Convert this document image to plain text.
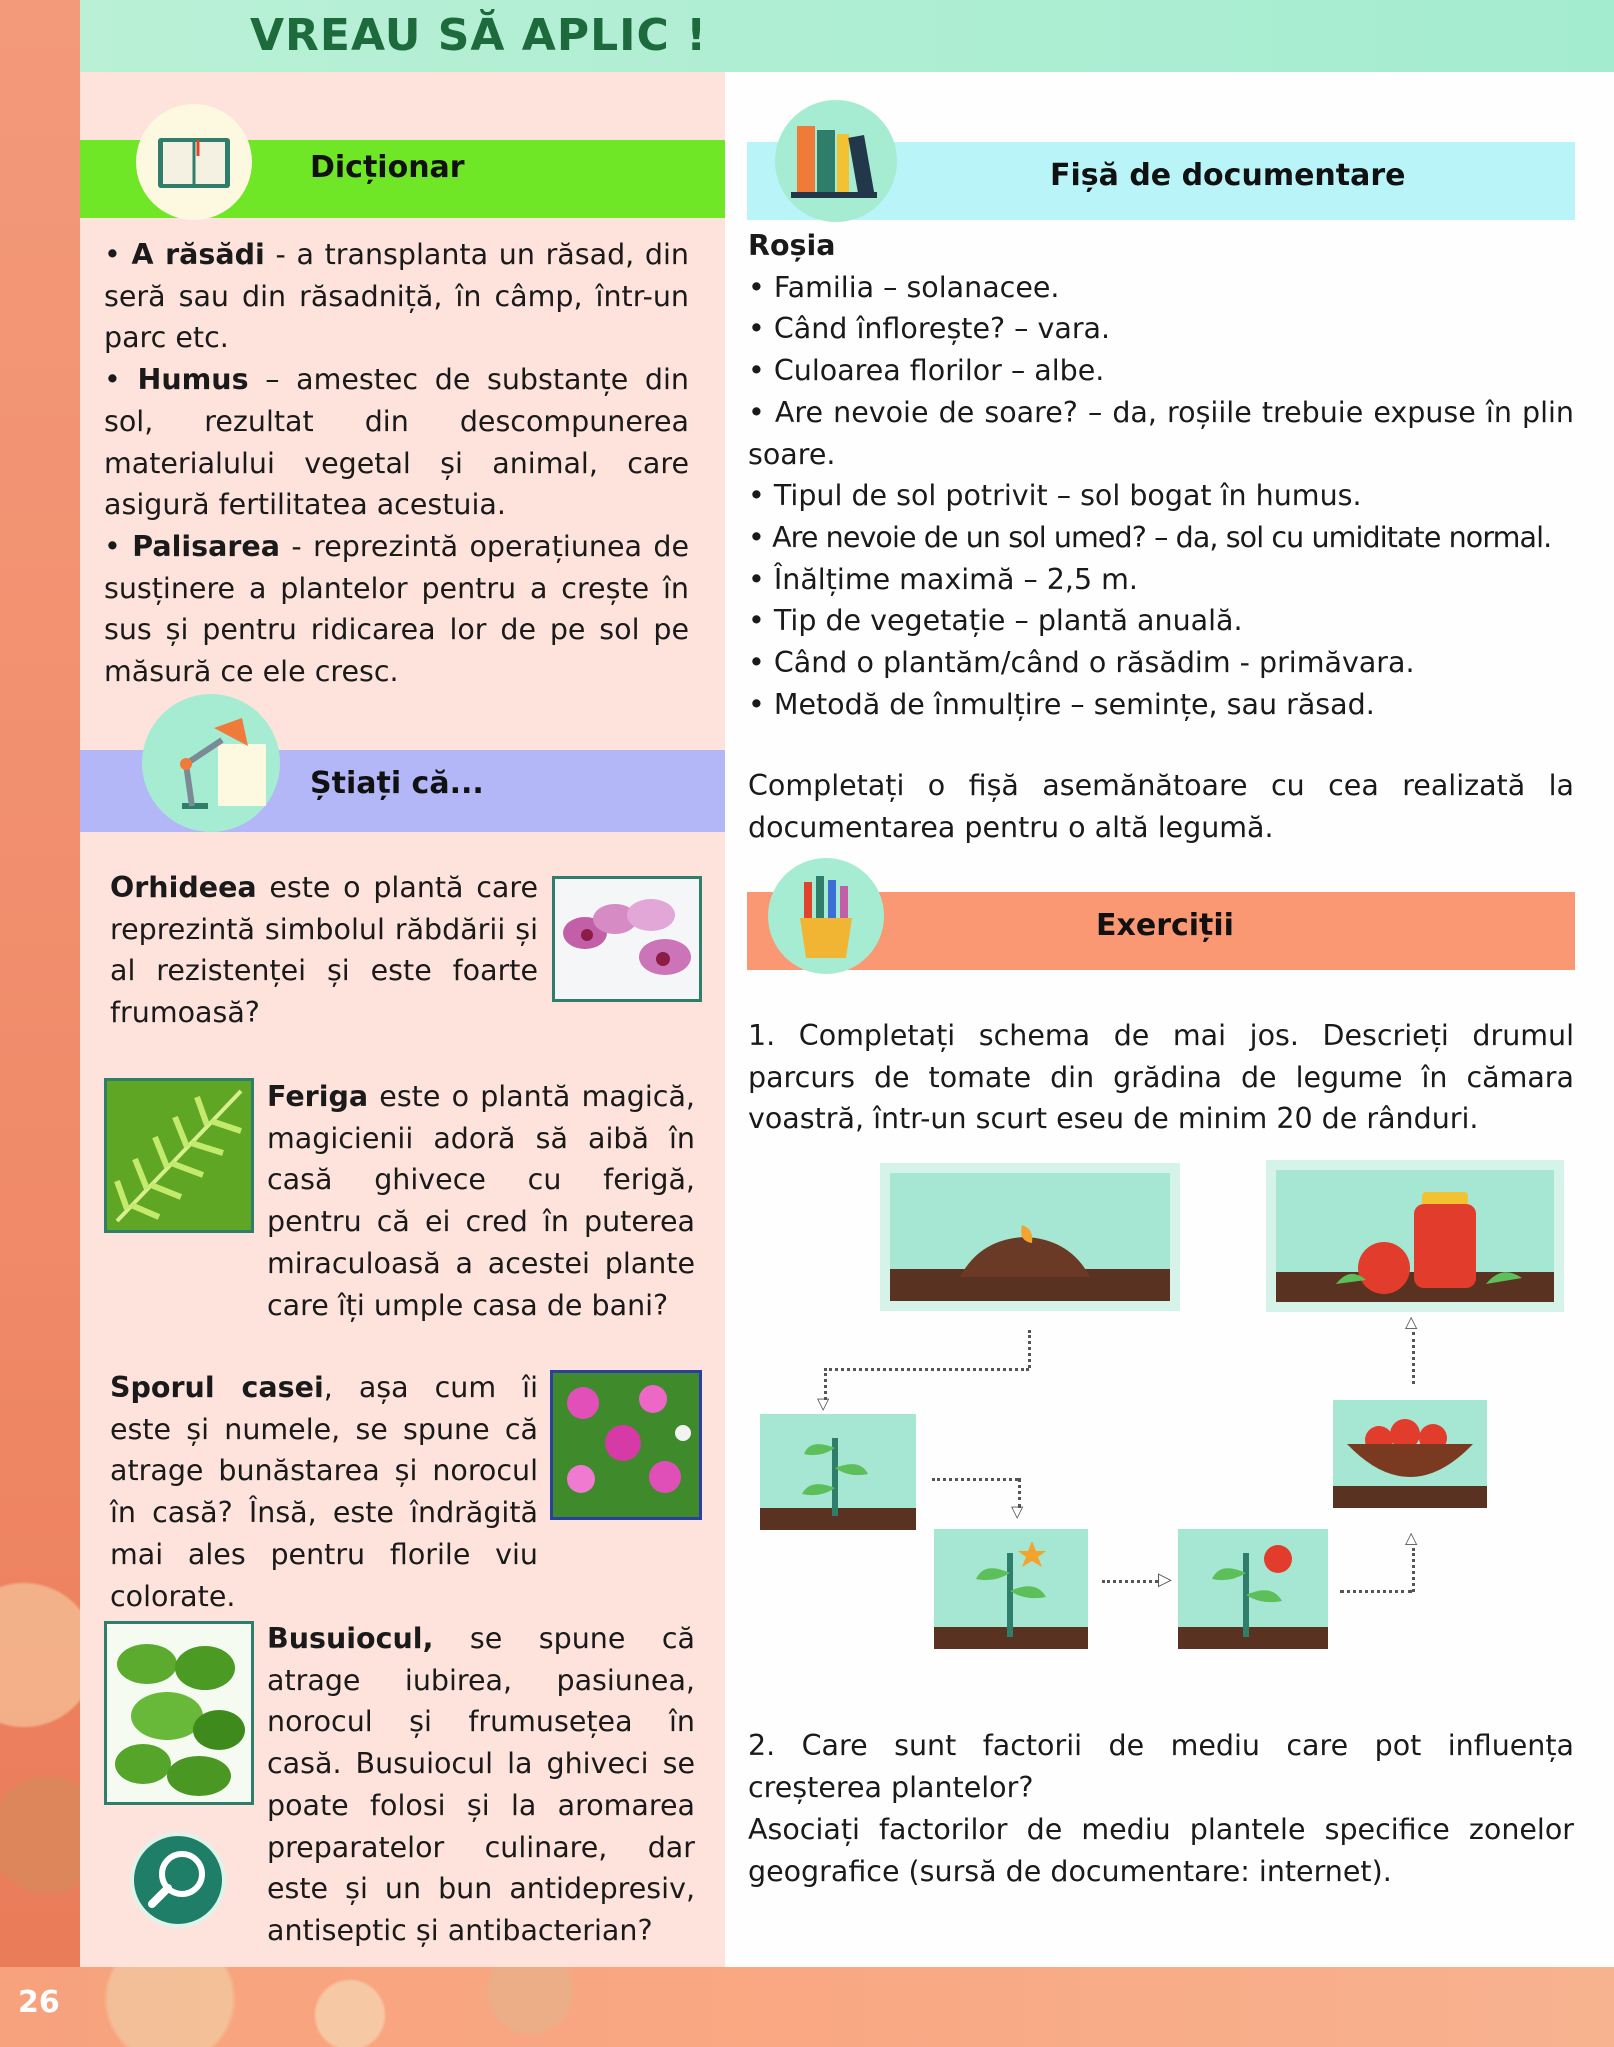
VREAU SĂ APLIC !
26
Dicționar
• A răsădi - a transplanta un răsad, din seră sau din răsadniță, în câmp, într-un parc etc.
• Humus – amestec de substanțe din sol, rezultat din descompunerea materialului vegetal și animal, care asigură fertilitatea acestuia.
• Palisarea - reprezintă operațiunea de susținere a plantelor pentru a crește în sus și pentru ridicarea lor de pe sol pe măsură ce ele cresc.
Știați că...
Orhideea este o plantă care reprezintă simbolul răbdării și al rezistenței și este foarte frumoasă?
Feriga este o plantă magică, magicienii adoră să aibă în casă ghivece cu ferigă, pentru că ei cred în puterea miraculoasă a acestei plante care îți umple casa de bani?
Sporul casei, așa cum îi este și numele, se spune că atrage bunăstarea și norocul în casă? Însă, este îndrăgită mai ales pentru florile viu colorate.
Busuiocul, se spune că atrage iubirea, pasiunea, norocul și frumusețea în casă. Busuiocul la ghiveci se poate folosi și la aromarea preparatelor culinare, dar este și un bun antidepresiv, antiseptic și antibacterian?
Fișă de documentare
Roșia
• Familia – solanacee.
• Când înflorește? – vara.
• Culoarea florilor – albe.
• Are nevoie de soare? – da, roșiile trebuie expuse în plin soare.
• Tipul de sol potrivit – sol bogat în humus.
• Are nevoie de un sol umed? – da, sol cu umiditate normal.
• Înălțime maximă – 2,5 m.
• Tip de vegetație – plantă anuală.
• Când o plantăm/când o răsădim - primăvara.
• Metodă de înmulțire – semințe, sau răsad.
Completați o fișă asemănătoare cu cea realizată la documentarea pentru o altă legumă.
Exerciții
1. Completați schema de mai jos. Descrieți drumul parcurs de tomate din grădina de legume în cămara voastră, într-un scurt eseu de minim 20 de rânduri.
▽
▽
▷
△
△
2. Care sunt factorii de mediu care pot influența creșterea plantelor?
Asociați factorilor de mediu plantele specifice zonelor geografice (sursă de documentare: internet).
